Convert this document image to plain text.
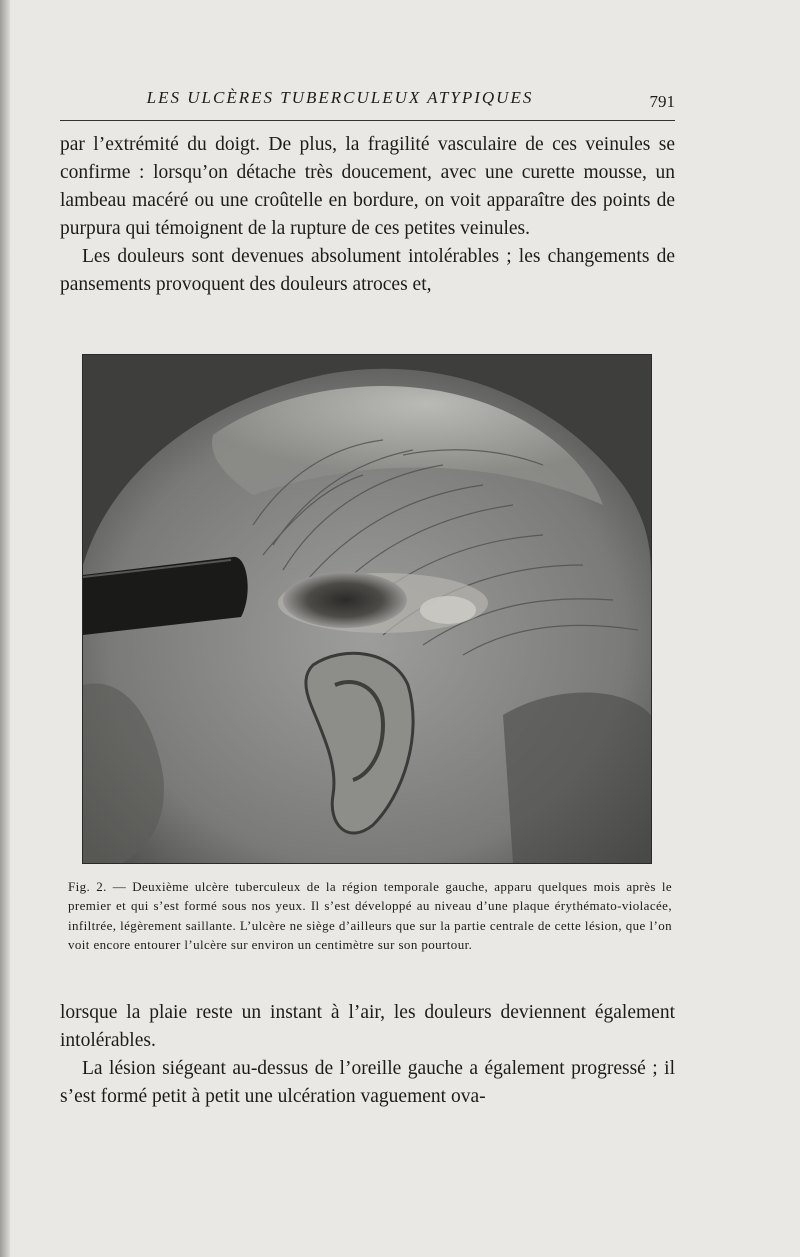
LES ULCÈRES TUBERCULEUX ATYPIQUES	791

par l’extrémité du doigt. De plus, la fragilité vasculaire de ces veinules se confirme : lorsqu’on détache très doucement, avec une curette mousse, un lambeau macéré ou une croûtelle en bordure, on voit apparaître des points de purpura qui témoignent de la rupture de ces petites veinules.

Les douleurs sont devenues absolument intolérables ; les changements de pansements provoquent des douleurs atroces et,

Fig. 2. — Deuxième ulcère tuberculeux de la région temporale gauche, apparu quelques mois après le premier et qui s’est formé sous nos yeux. Il s’est développé au niveau d’une plaque érythémato-violacée, infiltrée, légèrement saillante. L’ulcère ne siège d’ailleurs que sur la partie centrale de cette lésion, que l’on voit encore entourer l’ulcère sur environ un centimètre sur son pourtour.

lorsque la plaie reste un instant à l’air, les douleurs deviennent également intolérables.

La lésion siégeant au-dessus de l’oreille gauche a également progressé ; il s’est formé petit à petit une ulcération vaguement ova-
